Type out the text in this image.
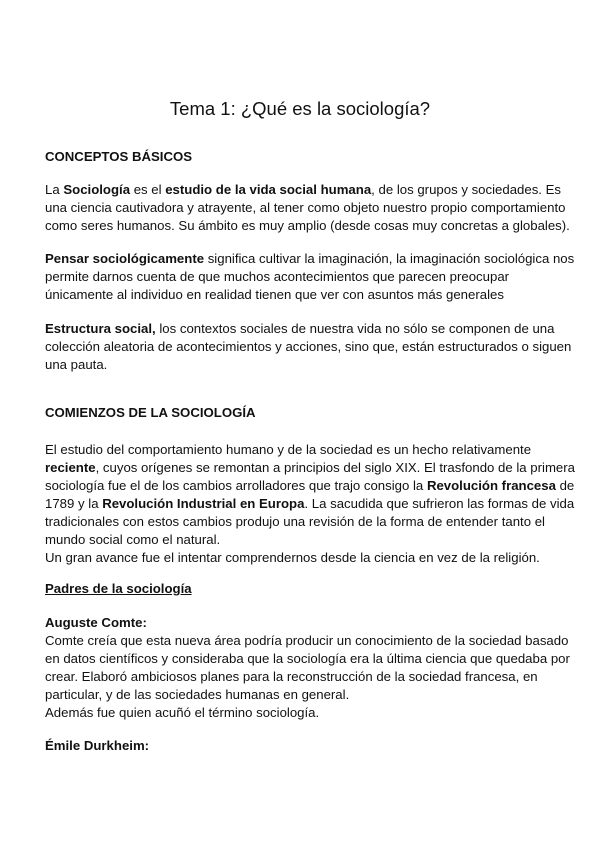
Tema 1: ¿Qué es la sociología?
CONCEPTOS BÁSICOS

La Sociología es el estudio de la vida social humana, de los grupos y sociedades. Es
una ciencia cautivadora y atrayente, al tener como objeto nuestro propio comportamiento
como seres humanos. Su ámbito es muy amplio (desde cosas muy concretas a globales).

Pensar sociológicamente significa cultivar la imaginación, la imaginación sociológica nos
permite darnos cuenta de que muchos acontecimientos que parecen preocupar
únicamente al individuo en realidad tienen que ver con asuntos más generales

Estructura social, los contextos sociales de nuestra vida no sólo se componen de una
colección aleatoria de acontecimientos y acciones, sino que, están estructurados o siguen
una pauta.

COMIENZOS DE LA SOCIOLOGÍA

El estudio del comportamiento humano y de la sociedad es un hecho relativamente
reciente, cuyos orígenes se remontan a principios del siglo XIX. El trasfondo de la primera
sociología fue el de los cambios arrolladores que trajo consigo la Revolución francesa de
1789 y la Revolución Industrial en Europa. La sacudida que sufrieron las formas de vida
tradicionales con estos cambios produjo una revisión de la forma de entender tanto el
mundo social como el natural.
Un gran avance fue el intentar comprendernos desde la ciencia en vez de la religión.

Padres de la sociología
Auguste Comte:

Comte creía que esta nueva área podría producir un conocimiento de la sociedad basado
en datos científicos y consideraba que la sociología era la última ciencia que quedaba por
crear. Elaboró ambiciosos planes para la reconstrucción de la sociedad francesa, en
particular, y de las sociedades humanas en general.
Además fue quien acuñó el término sociología.

Émile Durkheim:
